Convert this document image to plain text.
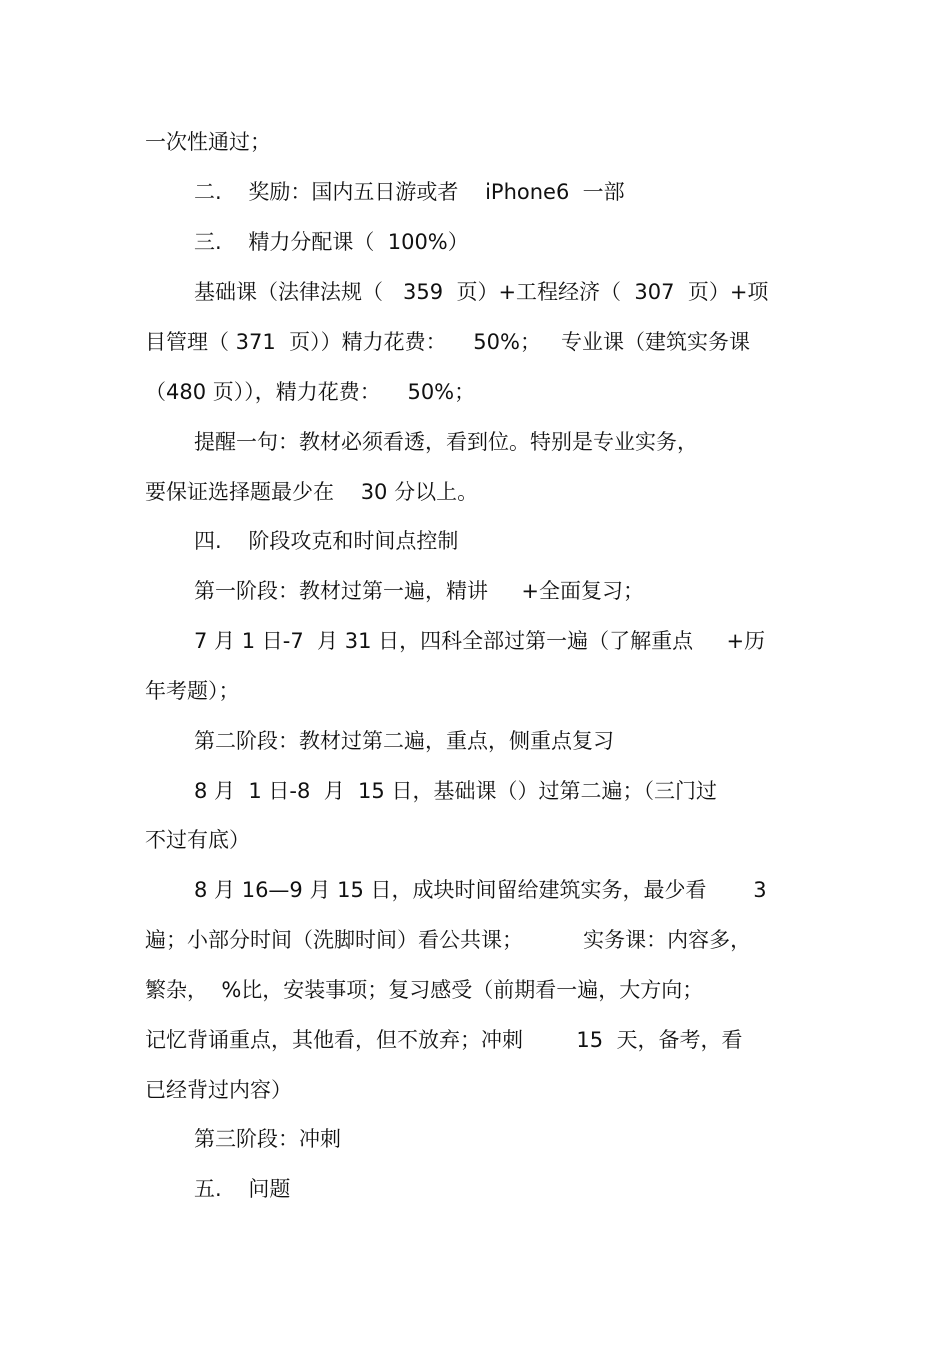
一次性通过；
二.    奖励：国内五日游或者    iPhone6  一部
三.    精力分配课（  100%）
基础课（法律法规（   359  页）+工程经济（  307  页）+项
目管理（ 371  页））精力花费：    50%；   专业课（建筑实务课
（480 页）），精力花费：    50%；
提醒一句：教材必须看透，看到位。特别是专业实务，
要保证选择题最少在    30 分以上。
四.    阶段攻克和时间点控制
第一阶段：教材过第一遍，精讲     +全面复习；
7 月 1 日-7  月 31 日，四科全部过第一遍（了解重点     +历
年考题）；
第二阶段：教材过第二遍，重点，侧重点复习
8 月  1 日-8  月  15 日，基础课（）过第二遍；（三门过
不过有底）
8 月 16—9 月 15 日，成块时间留给建筑实务，最少看       3
遍；小部分时间（洗脚时间）看公共课；         实务课：内容多，
繁杂，  %比，安装事项；复习感受（前期看一遍，大方向；
记忆背诵重点，其他看，但不放弃；冲刺        15  天，备考，看
已经背过内容）
第三阶段：冲刺
五.    问题
